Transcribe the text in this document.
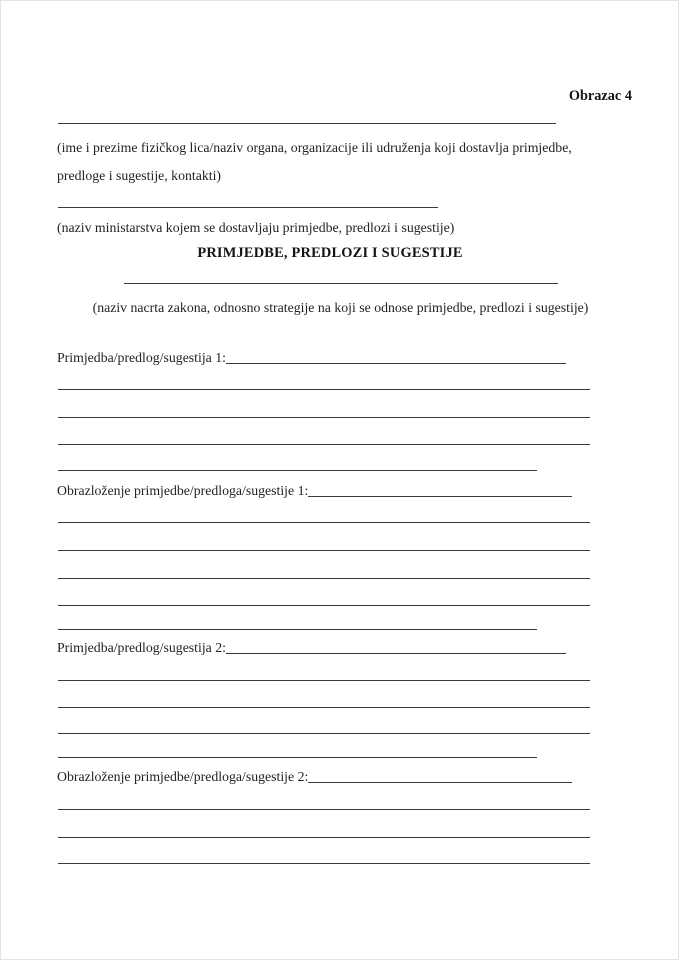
Obrazac 4
(ime i prezime fizičkog lica/naziv organa, organizacije ili udruženja koji dostavlja primjedbe,
predloge i sugestije, kontakti)
(naziv ministarstva kojem se dostavljaju primjedbe, predlozi i sugestije)
PRIMJEDBE, PREDLOZI I SUGESTIJE
(naziv nacrta zakona, odnosno strategije na koji se odnose primjedbe, predlozi i sugestije)
Primjedba/predlog/sugestija 1:
Obrazloženje primjedbe/predloga/sugestije 1:
Primjedba/predlog/sugestija 2:
Obrazloženje primjedbe/predloga/sugestije 2:
